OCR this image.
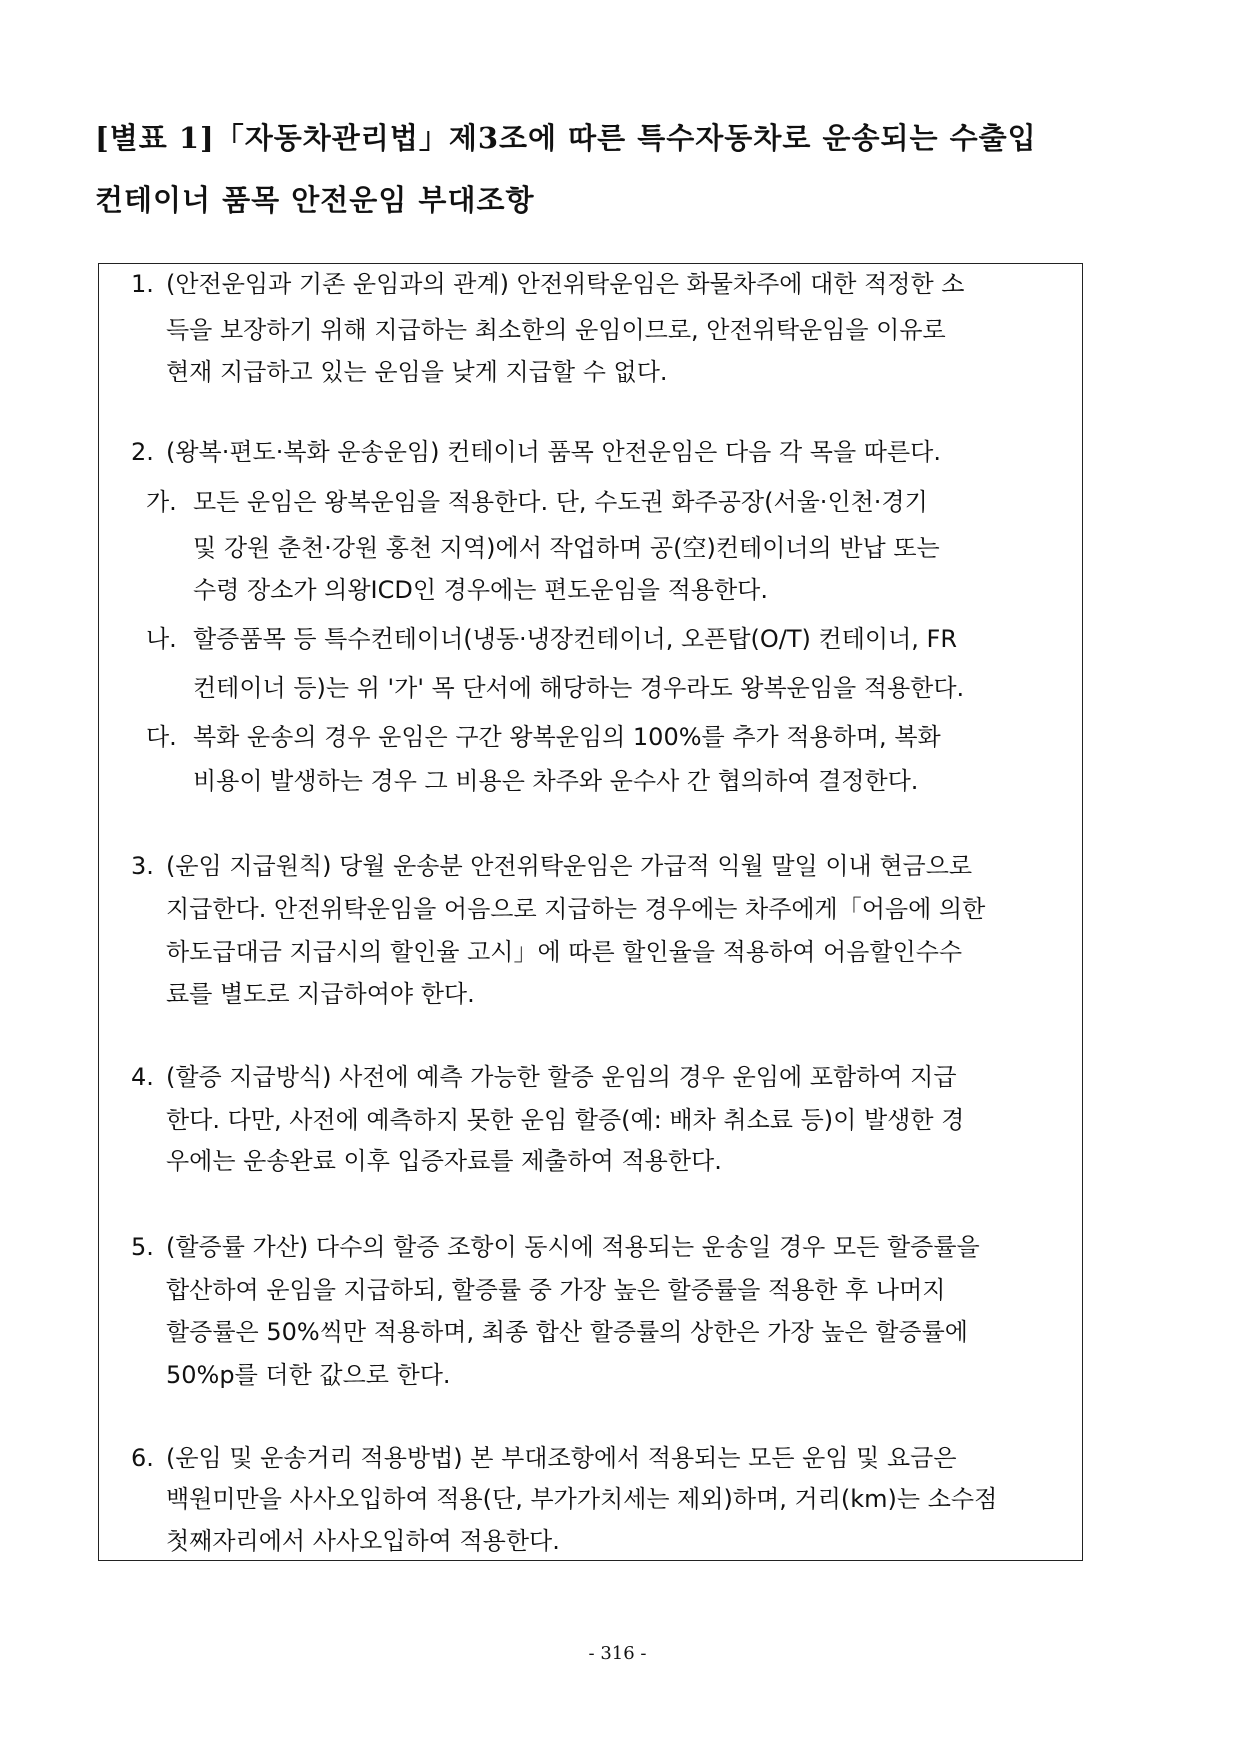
[별표 1]「자동차관리법」제3조에 따른 특수자동차로 운송되는 수출입
컨테이너 품목 안전운임 부대조항
1. (안전운임과 기존 운임과의 관계) 안전위탁운임은 화물차주에 대한 적정한 소
득을 보장하기 위해 지급하는 최소한의 운임이므로, 안전위탁운임을 이유로
현재 지급하고 있는 운임을 낮게 지급할 수 없다.
2. (왕복·편도·복화 운송운임) 컨테이너 품목 안전운임은 다음 각 목을 따른다.
가. 모든 운임은 왕복운임을 적용한다. 단, 수도권 화주공장(서울·인천·경기
및 강원 춘천·강원 홍천 지역)에서 작업하며 공(空)컨테이너의 반납 또는
수령 장소가 의왕ICD인 경우에는 편도운임을 적용한다.
나. 할증품목 등 특수컨테이너(냉동·냉장컨테이너, 오픈탑(O/T) 컨테이너, FR
컨테이너 등)는 위 '가' 목 단서에 해당하는 경우라도 왕복운임을 적용한다.
다. 복화 운송의 경우 운임은 구간 왕복운임의 100%를 추가 적용하며, 복화
비용이 발생하는 경우 그 비용은 차주와 운수사 간 협의하여 결정한다.
3. (운임 지급원칙) 당월 운송분 안전위탁운임은 가급적 익월 말일 이내 현금으로
지급한다. 안전위탁운임을 어음으로 지급하는 경우에는 차주에게「어음에 의한
하도급대금 지급시의 할인율 고시」에 따른 할인율을 적용하여 어음할인수수
료를 별도로 지급하여야 한다.
4. (할증 지급방식) 사전에 예측 가능한 할증 운임의 경우 운임에 포함하여 지급
한다. 다만, 사전에 예측하지 못한 운임 할증(예: 배차 취소료 등)이 발생한 경
우에는 운송완료 이후 입증자료를 제출하여 적용한다.
5. (할증률 가산) 다수의 할증 조항이 동시에 적용되는 운송일 경우 모든 할증률을
합산하여 운임을 지급하되, 할증률 중 가장 높은 할증률을 적용한 후 나머지
할증률은 50%씩만 적용하며, 최종 합산 할증률의 상한은 가장 높은 할증률에
50%p를 더한 값으로 한다.
6. (운임 및 운송거리 적용방법) 본 부대조항에서 적용되는 모든 운임 및 요금은
백원미만을 사사오입하여 적용(단, 부가가치세는 제외)하며, 거리(km)는 소수점
첫째자리에서 사사오입하여 적용한다.
- 316 -
